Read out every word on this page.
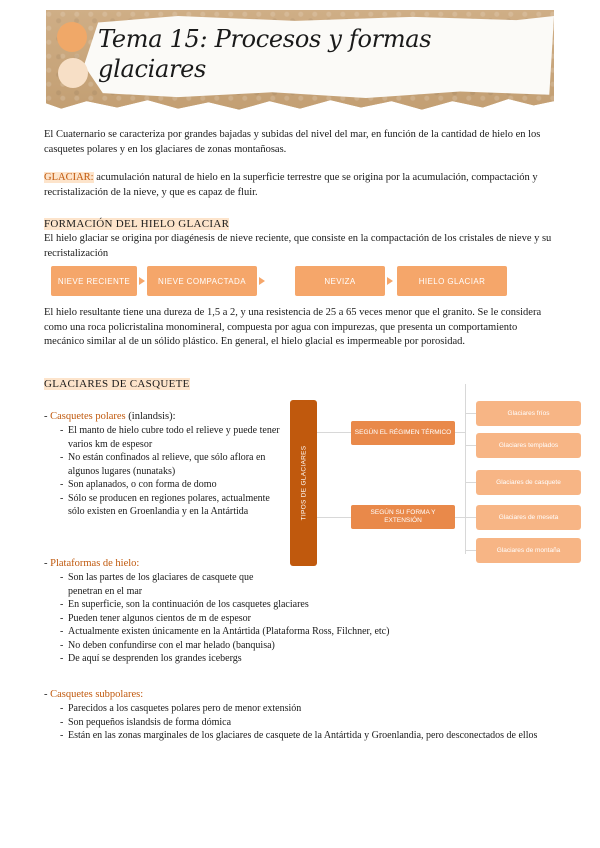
Tema 15: Procesos y formas
glaciares
El Cuaternario se caracteriza por grandes bajadas y subidas del nivel del mar, en función de la cantidad de hielo en los casquetes polares y en los glaciares de zonas montañosas.
GLACIAR: acumulación natural de hielo en la superficie terrestre que se origina por la acumulación, compactación y recristalización de la nieve, y que es capaz de fluir.
FORMACIÓN DEL HIELO GLACIAR
El hielo glaciar se origina por diagénesis de nieve reciente, que consiste en la compactación de los cristales de nieve y su recristalización
NIEVE RECIENTE	NIEVE COMPACTADA	NEVIZA	HIELO GLACIAR
El hielo resultante tiene una dureza de 1,5 a 2, y una resistencia de 25 a 65 veces menor que el granito. Se le considera como una roca policristalina monomineral, compuesta por agua con impurezas, que presenta un comportamiento mecánico similar al de un sólido plástico. En general, el hielo glacial es impermeable por porosidad.
GLACIARES DE CASQUETE
- Casquetes polares (inlandsis):
- El manto de hielo cubre todo el relieve y puede tener varios km de espesor
- No están confinados al relieve, que sólo aflora en algunos lugares (nunataks)
- Son aplanados, o con forma de domo
- Sólo se producen en regiones polares, actualmente sólo existen en Groenlandia y en la Antártida
- Plataformas de hielo:
- Son las partes de los glaciares de casquete que penetran en el mar
- En superficie, son la continuación de los casquetes glaciares
- Pueden tener algunos cientos de m de espesor
- Actualmente existen únicamente en la Antártida (Plataforma Ross, Filchner, etc)
- No deben confundirse con el mar helado (banquisa)
- De aquí se desprenden los grandes icebergs
- Casquetes subpolares:
- Parecidos a los casquetes polares pero de menor extensión
- Son pequeños islandsis de forma dómica
- Están en las zonas marginales de los glaciares de casquete de la Antártida y Groenlandia, pero desconectados de ellos
TIPOS DE GLACIARES
SEGÚN EL RÉGIMEN TÉRMICO
SEGÚN SU FORMA Y EXTENSIÓN
Glaciares fríos
Glaciares templados
Glaciares de casquete
Glaciares de meseta
Glaciares de montaña
